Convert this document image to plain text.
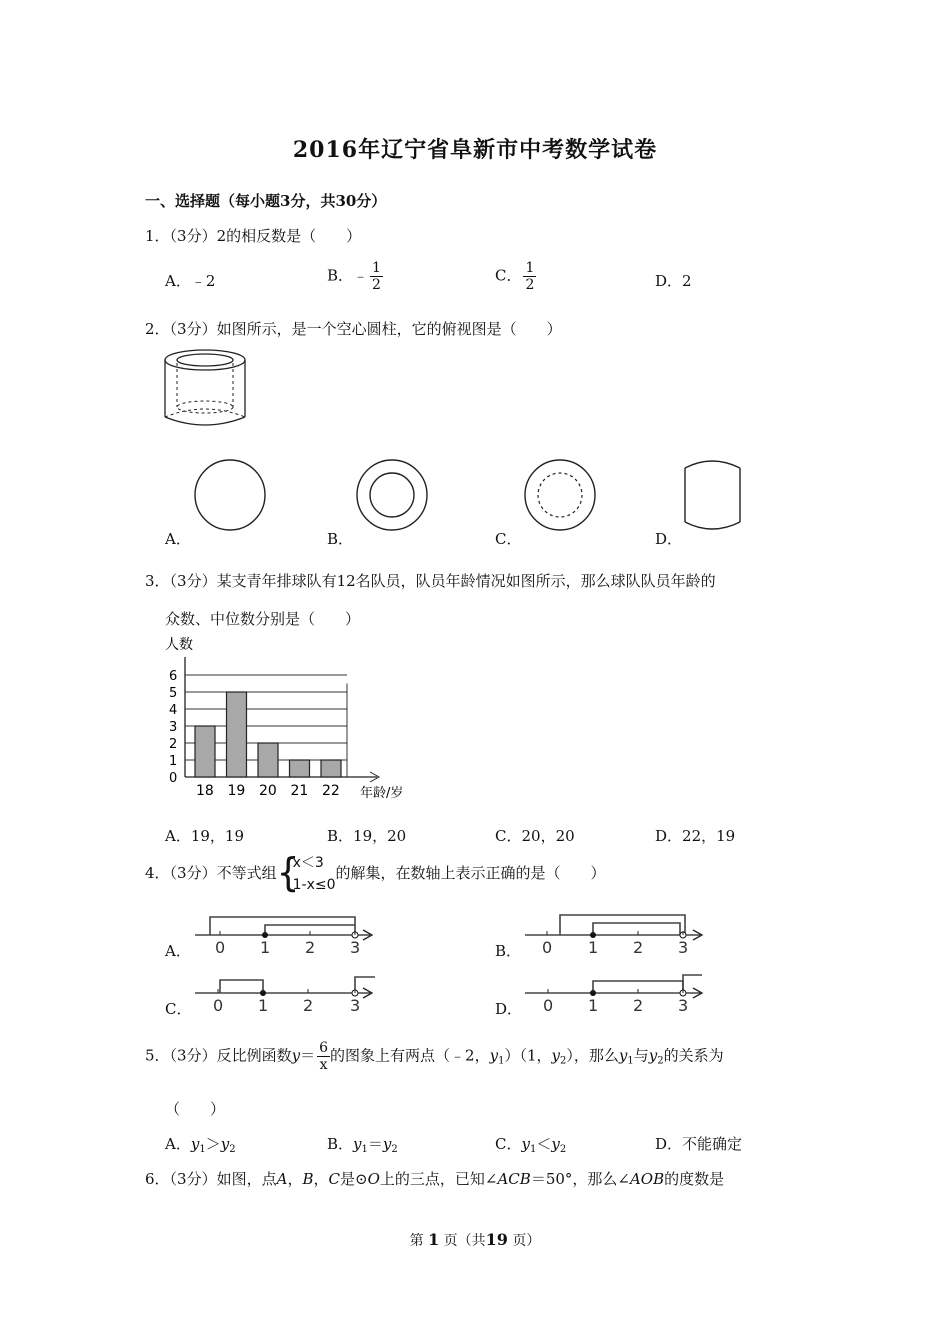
2016年辽宁省阜新市中考数学试卷
一、选择题（每小题3分，共30分）
1．（3分）2的相反数是（　　）
A．﹣2	B．﹣ $\frac{1}{2}$	C． $\frac{1}{2}$	D．2
2．（3分）如图所示，是一个空心圆柱，它的俯视图是（　　）
A．	B．	C．	D．
3．（3分）某支青年排球队有12名队员，队员年龄情况如图所示，那么球队队员年龄的
众数、中位数分别是（　　）
人数
年龄/岁
0
1
2
3
4
5
6
18 19 20 21 22
A．19，19	B．19，20	C．20，20	D．22，19
4．（3分）不等式组 {
x＜3
1-x≤0
的解集，在数轴上表示正确的是（　　）
0 1 2 3	0 1 2 3
0 1 2 3	0 1 2 3
A．	B．
C．	D．
5．（3分）反比例函数$y= \frac{6}{x}$ 的图象上有两点（﹣2，$y_1)(1$，$y_2$），那么$y_1$与$y_2$的关系为
（　　）
A．$y_1>y_2$	B．$y_1=y_2$	C．$y_1<y_2$	D．不能确定
6．（3分）如图，点A，B，C是⊙O上的三点，已知∠ACB＝50°，那么∠AOB的度数是
第 1 页（共19 页）
